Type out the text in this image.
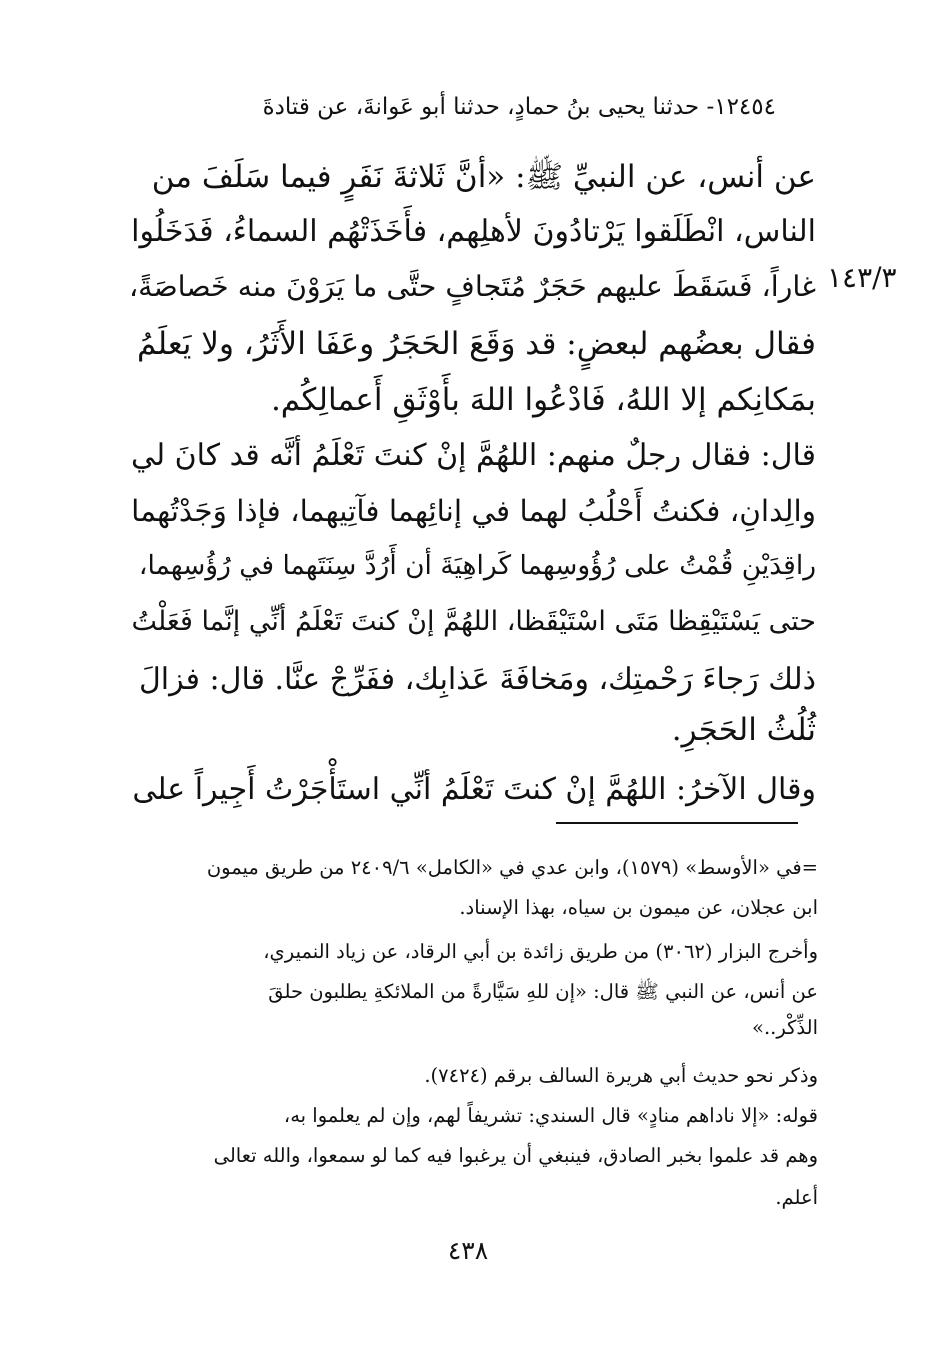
١٢٤٥٤- حدثنا يحيى بنُ حمادٍ، حدثنا أبو عَوانةَ، عن قتادةَ
١٤٣/٣
عن أنس، عن النبيِّ ﷺ: «أنَّ ثَلاثةَ نَفَرٍ فيما سَلَفَ من
الناس، انْطَلَقوا يَرْتادُونَ لأهلِهم، فأَخَذَتْهُم السماءُ، فَدَخَلُوا
غاراً، فَسَقَطَ عليهم حَجَرٌ مُتَجافٍ حتَّى ما يَرَوْنَ منه خَصاصَةً،
فقال بعضُهم لبعضٍ: قد وَقَعَ الحَجَرُ وعَفَا الأَثَرُ، ولا يَعلَمُ
بمَكانِكم إلا اللهُ، فَادْعُوا اللهَ بأَوْثَقِ أَعمالِكُم.
قال: فقال رجلٌ منهم: اللهُمَّ إنْ كنتَ تَعْلَمُ أنَّه قد كانَ لي
والِدانِ، فكنتُ أَحْلُبُ لهما في إنائِهما فآتِيهما، فإذا وَجَدْتُهما
راقِدَيْنِ قُمْتُ على رُؤُوسِهما كَراهِيَةَ أن أَرُدَّ سِنَتَهما في رُؤُسِهما،
حتى يَسْتَيْقِظا مَتَى اسْتَيْقَظا، اللهُمَّ إنْ كنتَ تَعْلَمُ أنِّي إنَّما فَعَلْتُ
ذلك رَجاءَ رَحْمتِك، ومَخافَةَ عَذابِك، ففَرِّجْ عنَّا. قال: فزالَ
ثُلُثُ الحَجَرِ.
وقال الآخرُ: اللهُمَّ إنْ كنتَ تَعْلَمُ أنِّي استَأْجَرْتُ أَجِيراً على
=في «الأوسط» (١٥٧٩)، وابن عدي في «الكامل» ٢٤٠٩/٦ من طريق ميمون
ابن عجلان، عن ميمون بن سياه، بهذا الإسناد.
وأخرج البزار (٣٠٦٢) من طريق زائدة بن أبي الرقاد، عن زياد النميري،
عن أنس، عن النبي ﷺ قال: «إن للهِ سَيَّارةً من الملائكةِ يطلبون حلقَ
الذِّكْر..»
وذكر نحو حديث أبي هريرة السالف برقم (٧٤٢٤).
قوله: «إلا ناداهم منادٍ» قال السندي: تشريفاً لهم، وإن لم يعلموا به،
وهم قد علموا بخبر الصادق، فينبغي أن يرغبوا فيه كما لو سمعوا، والله تعالى
أعلم.
٤٣٨
